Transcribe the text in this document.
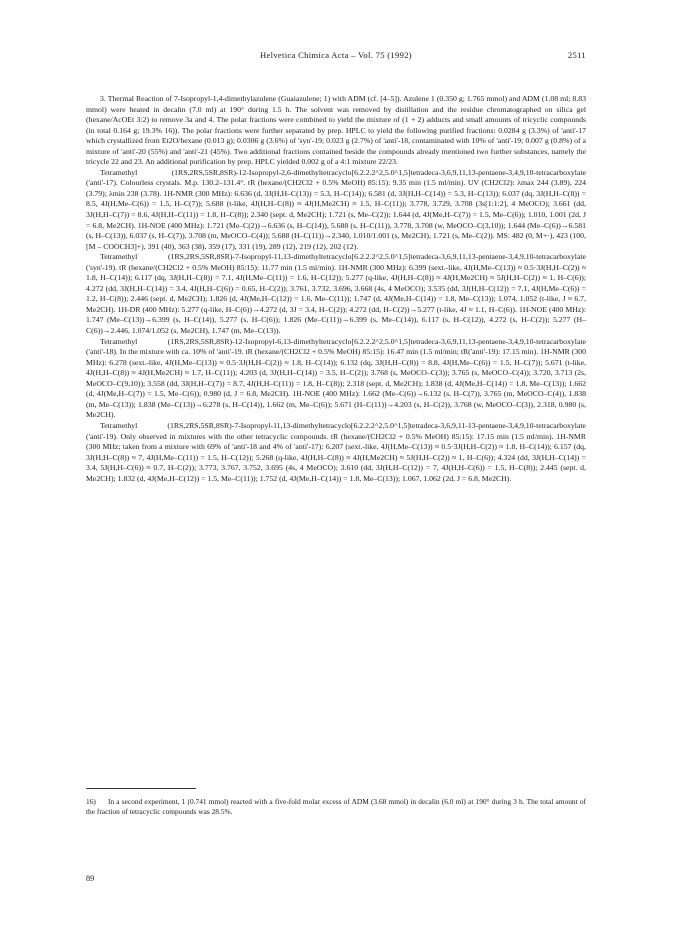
Helvetica Chimica Acta – Vol. 75 (1992)	2511

3. Thermal Reaction of 7-Isopropyl-1,4-dimethylazulene (Guaiazulene; 1) with ADM (cf. [4–5]). Azulene 1 (0.350 g; 1.765 mmol) and ADM (1.08 ml; 8.83 mmol) were heated in decalin (7.0 ml) at 190° during 1.5 h. The solvent was removed by distillation and the residue chromatographed on silica gel (hexane/AcOEt 3:2) to remove 3a and 4. The polar fractions were combined to yield the mixture of (1 + 2) adducts and small amounts of tricyclic compounds (in total 0.164 g; 19.3% 16)). The polar fractions were further separated by prep. HPLC to yield the following purified fractions: 0.0284 g (3.3%) of 'anti'-17 which crystallized from Et2O/hexane (0.013 g); 0.0306 g (3.6%) of 'syn'-19; 0.023 g (2.7%) of 'anti'-18, contaminated with 10% of 'anti'-19; 0.007 g (0.8%) of a mixture of 'anti'-20 (55%) and 'anti'-21 (45%). Two additional fractions contained beside the compounds already mentioned two further substances, namely the tricycle 22 and 23. An additional purification by prep. HPLC yielded 0.002 g of a 4:1 mixture 22/23.

Tetramethyl (1RS,2RS,5SR,8SR)-12-Isopropyl-2,6-dimethyltetracyclo[6.2.2.2^2,5.0^1,5]tetradeca-3,6,9,11,13-pentaene-3,4,9,10-tetracarboxylate ('anti'-17). Colourless crystals. M.p. 130.2–131.4°. tR (hexane/(CH2Cl2 + 0.5% MeOH) 85:15): 9.35 min (1.5 ml/min). UV (CH2Cl2): λmax 244 (3.89), 224 (3.79); λmin 238 (3.78). 1H-NMR (300 MHz): 6.636 (d, 3J(H,H–C(13)) = 5.3, H–C(14)); 6.581 (d, 3J(H,H–C(14)) = 5.3, H–C(13)); 6.037 (dq, 3J(H,H–C(8)) = 8.5, 4J(H,Me–C(6)) = 1.5, H–C(7)); 5.688 (t-like, 4J(H,H–C(8)) ≈ 4J(H,Me2CH) ≈ 1.5, H–C(11)); 3.778, 3.729, 3.708 (3s[1:1:2], 4 MeOCO); 3.661 (dd, 3J(H,H–C(7)) = 8.6, 4J(H,H–C(11)) = 1.8, H–C(8)); 2.340 (sept. d, Me2CH); 1.721 (s, Me–C(2)); 1.644 (d, 4J(Me,H–C(7)) = 1.5, Me–C(6)); 1.010, 1.001 (2d, J = 6.8, Me2CH). 1H-NOE (400 MHz): 1.721 (Me–C(2))→6.636 (s, H–C(14)), 5.688 (s, H–C(11)), 3.778, 3.708 (w, MeOCO–C(3,10)); 1.644 (Me–C(6))→6.581 (s, H–C(13)), 6.037 (s, H–C(7)), 3.708 (m, MeOCO–C(4)); 5.688 (H–C(11))→2.340, 1.010/1.001 (s, Me2CH), 1.721 (s, Me–C(2)). MS: 482 (0, M+·), 423 (100, [M – COOCH3]+), 391 (40), 363 (38), 359 (17), 331 (19), 289 (12), 219 (12), 202 (12).

Tetramethyl (1RS,2RS,5SR,8SR)-7-Isopropyl-11,13-dimethyltetracyclo[6.2.2.2^2,5.0^1,5]tetradeca-3,6,9,11,13-pentaene-3,4,9,10-tetracarboxylate ('syn'-19). tR (hexane/(CH2Cl2 + 0.5% MeOH) 85:15): 11.77 min (1.5 ml/min). 1H-NMR (300 MHz): 6.399 (sext.-like, 4J(H,Me–C(13)) ≈ 0.5·3J(H,H–C(2)) ≈ 1.8, H–C(14)); 6.117 (dq, 3J(H,H–C(8)) = 7.1, 4J(H,Me–C(11)) = 1.6, H–C(12)); 5.277 (q-like, 4J(H,H–C(8)) ≈ 4J(H,Me2CH) ≈ 5J(H,H–C(2)) ≈ 1, H–C(6)); 4.272 (dd, 3J(H,H–C(14)) = 3.4, 4J(H,H–C(6)) = 0.65, H–C(2)); 3.761, 3.732, 3.696, 3.668 (4s, 4 MeOCO); 3.535 (dd, 3J(H,H–C(12)) = 7.1, 4J(H,Me–C(6)) = 1.2, H–C(8)); 2.446 (sept. d, Me2CH); 1.826 (d, 4J(Me,H–C(12)) = 1.6, Me–C(11)); 1.747 (d, 4J(Me,H–C(14)) = 1.8, Me–C(13)); 1.074, 1.052 (t-like, J ≈ 6.7, Me2CH). 1H-DR (400 MHz): 5.277 (q-like, H–C(6))→4.272 (d, 3J = 3.4, H–C(2)); 4.272 (dd, H–C(2))→5.277 (t-like, 4J ≈ 1.1, H–C(6)). 1H-NOE (400 MHz): 1.747 (Me–C(13))→6.399 (s, H–C(14)), 5.277 (s, H–C(6)); 1.826 (Me–C(11))→6.399 (s, Me–C(14)), 6.117 (s, H–C(12)), 4.272 (s, H–C(2)); 5.277 (H–C(6))→2.446, 1.074/1.052 (s, Me2CH), 1.747 (m, Me–C(13)).

Tetramethyl (1RS,2RS,5SR,8SR)-12-Isopropyl-6,13-dimethyltetracyclo[6.2.2.2^2,5.0^1,5]tetradeca-3,6,9,11,13-pentaene-3,4,9,10-tetracarboxylate ('anti'-18). In the mixture with ca. 10% of 'anti'-19. tR (hexane/(CH2Cl2 + 0.5% MeOH) 85:15): 16.47 min (1.5 ml/min; tR('anti'-19): 17.15 min). 1H-NMR (300 MHz): 6.278 (sext.-like, 4J(H,Me–C(13)) ≈ 0.5·3J(H,H–C(2)) ≈ 1.8, H–C(14)); 6.132 (dq, 3J(H,H–C(8)) = 8.8, 4J(H,Me–C(6)) = 1.5, H–C(7)); 5.671 (t-like, 4J(H,H–C(8)) ≈ 4J(H,Me2CH) ≈ 1.7, H–C(11)); 4.203 (d, 3J(H,H–C(14)) = 3.5, H–C(2)); 3.768 (s, MeOCO–C(3)); 3.765 (s, MeOCO–C(4)); 3.720, 3.713 (2s, MeOCO–C(9,10)); 3.558 (dd, 3J(H,H–C(7)) = 8.7, 4J(H,H–C(11)) = 1.8, H–C(8)); 2.318 (sept. d, Me2CH); 1.838 (d, 4J(Me,H–C(14)) = 1.8, Me–C(13)); 1.662 (d, 4J(Me,H–C(7)) = 1.5, Me–C(6)); 0.980 (d, J = 6.8, Me2CH). 1H-NOE (400 MHz): 1.662 (Me–C(6))→6.132 (s, H–C(7)), 3.765 (m, MeOCO–C(4)), 1.838 (m, Me–C(13)); 1.838 (Me–C(13))→6.278 (s, H–C(14)), 1.662 (m, Me–C(6)); 5.671 (H–C(11))→4.203 (s, H–C(2)), 3.768 (w, MeOCO–C(3)), 2.318, 0.980 (s, Me2CH).

Tetramethyl (1RS,2RS,5SR,8SR)-7-Isopropyl-11,13-dimethyltetracyclo[6.2.2.2^2,5.0^1,5]tetradeca-3,6,9,11-13-pentaene-3,4,9,10-tetracarboxylate ('anti'-19). Only observed in mixtures with the other tetracyclic compounds. tR (hexane/(CH2Cl2 + 0.5% MeOH) 85:15): 17.15 min (1.5 ml/min). 1H-NMR (300 MHz; taken from a mixture with 69% of 'anti'-18 and 4% of 'anti'-17): 6.207 (sext.-like, 4J(H,Me–C(13)) ≈ 0.5·3J(H,H–C(2)) ≈ 1.8, H–C(14)); 6.157 (dq, 3J(H,H–C(8)) ≈ 7, 4J(H,Me–C(11)) = 1.5, H–C(12)); 5.268 (q-like, 4J(H,H–C(8)) ≈ 4J(H,Me2CH) ≈ 5J(H,H–C(2)) ≈ 1, H–C(6)); 4.324 (dd, 3J(H,H–C(14)) = 3.4, 5J(H,H–C(6)) ≈ 0.7, H–C(2)); 3.773, 3.767, 3.752, 3.695 (4s, 4 MeOCO); 3.610 (dd, 3J(H,H–C(12)) = 7, 4J(H,H–C(6)) = 1.5, H–C(8)); 2.445 (sept. d, Me2CH); 1.832 (d, 4J(Me,H–C(12)) = 1.5, Me–C(11)); 1.752 (d, 4J(Me,H–C(14)) = 1.8, Me–C(13)); 1.067, 1.062 (2d, J = 6.8, Me2CH).

16) In a second experiment, 1 (0.741 mmol) reacted with a five-fold molar excess of ADM (3.68 mmol) in decalin (6.0 ml) at 190° during 3 h. The total amount of the fraction of tetracyclic compounds was 28.5%.
89
